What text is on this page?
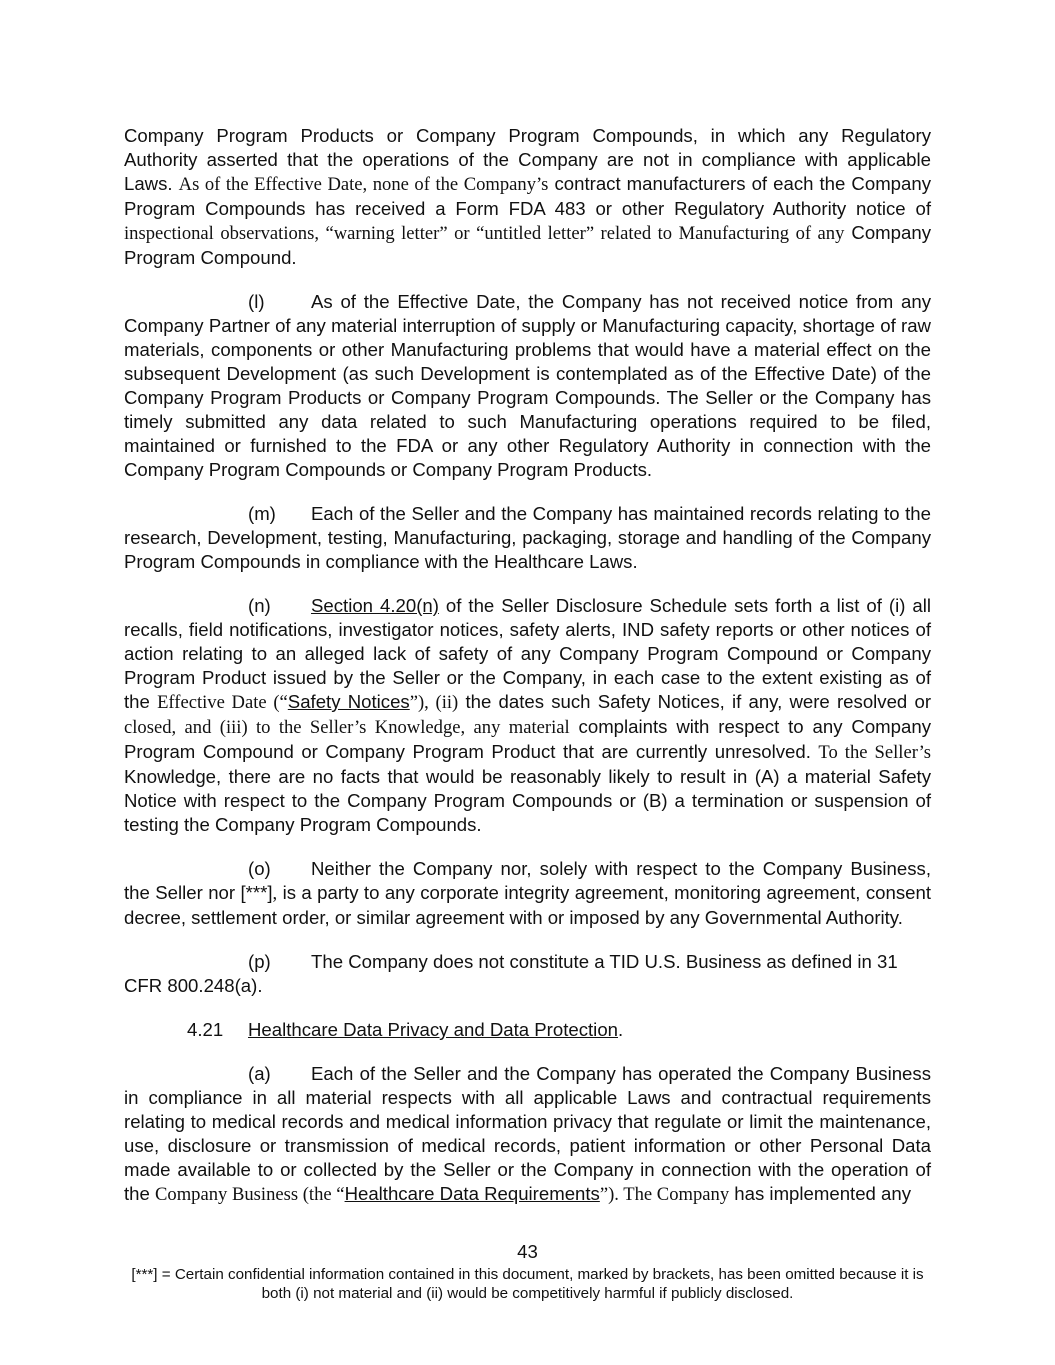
Company Program Products or Company Program Compounds, in which any Regulatory Authority asserted that the operations of the Company are not in compliance with applicable Laws. As of the Effective Date, none of the Company’s contract manufacturers of each the Company Program Compounds has received a Form FDA 483 or other Regulatory Authority notice of inspectional observations, “warning letter” or “untitled letter” related to Manufacturing of any Company Program Compound.

(l) As of the Effective Date, the Company has not received notice from any Company Partner of any material interruption of supply or Manufacturing capacity, shortage of raw materials, components or other Manufacturing problems that would have a material effect on the subsequent Development (as such Development is contemplated as of the Effective Date) of the Company Program Products or Company Program Compounds. The Seller or the Company has timely submitted any data related to such Manufacturing operations required to be filed, maintained or furnished to the FDA or any other Regulatory Authority in connection with the Company Program Compounds or Company Program Products.

(m) Each of the Seller and the Company has maintained records relating to the research, Development, testing, Manufacturing, packaging, storage and handling of the Company Program Compounds in compliance with the Healthcare Laws.

(n) Section 4.20(n) of the Seller Disclosure Schedule sets forth a list of (i) all recalls, field notifications, investigator notices, safety alerts, IND safety reports or other notices of action relating to an alleged lack of safety of any Company Program Compound or Company Program Product issued by the Seller or the Company, in each case to the extent existing as of the Effective Date (“Safety Notices”), (ii) the dates such Safety Notices, if any, were resolved or closed, and (iii) to the Seller’s Knowledge, any material complaints with respect to any Company Program Compound or Company Program Product that are currently unresolved. To the Seller’s Knowledge, there are no facts that would be reasonably likely to result in (A) a material Safety Notice with respect to the Company Program Compounds or (B) a termination or suspension of testing the Company Program Compounds.

(o) Neither the Company nor, solely with respect to the Company Business, the Seller nor [***], is a party to any corporate integrity agreement, monitoring agreement, consent decree, settlement order, or similar agreement with or imposed by any Governmental Authority.

(p) The Company does not constitute a TID U.S. Business as defined in 31 CFR 800.248(a).

4.21 Healthcare Data Privacy and Data Protection.

(a) Each of the Seller and the Company has operated the Company Business in compliance in all material respects with all applicable Laws and contractual requirements relating to medical records and medical information privacy that regulate or limit the maintenance, use, disclosure or transmission of medical records, patient information or other Personal Data made available to or collected by the Seller or the Company in connection with the operation of the Company Business (the “Healthcare Data Requirements”). The Company has implemented any

43
[***] = Certain confidential information contained in this document, marked by brackets, has been omitted because it is both (i) not material and (ii) would be competitively harmful if publicly disclosed.
